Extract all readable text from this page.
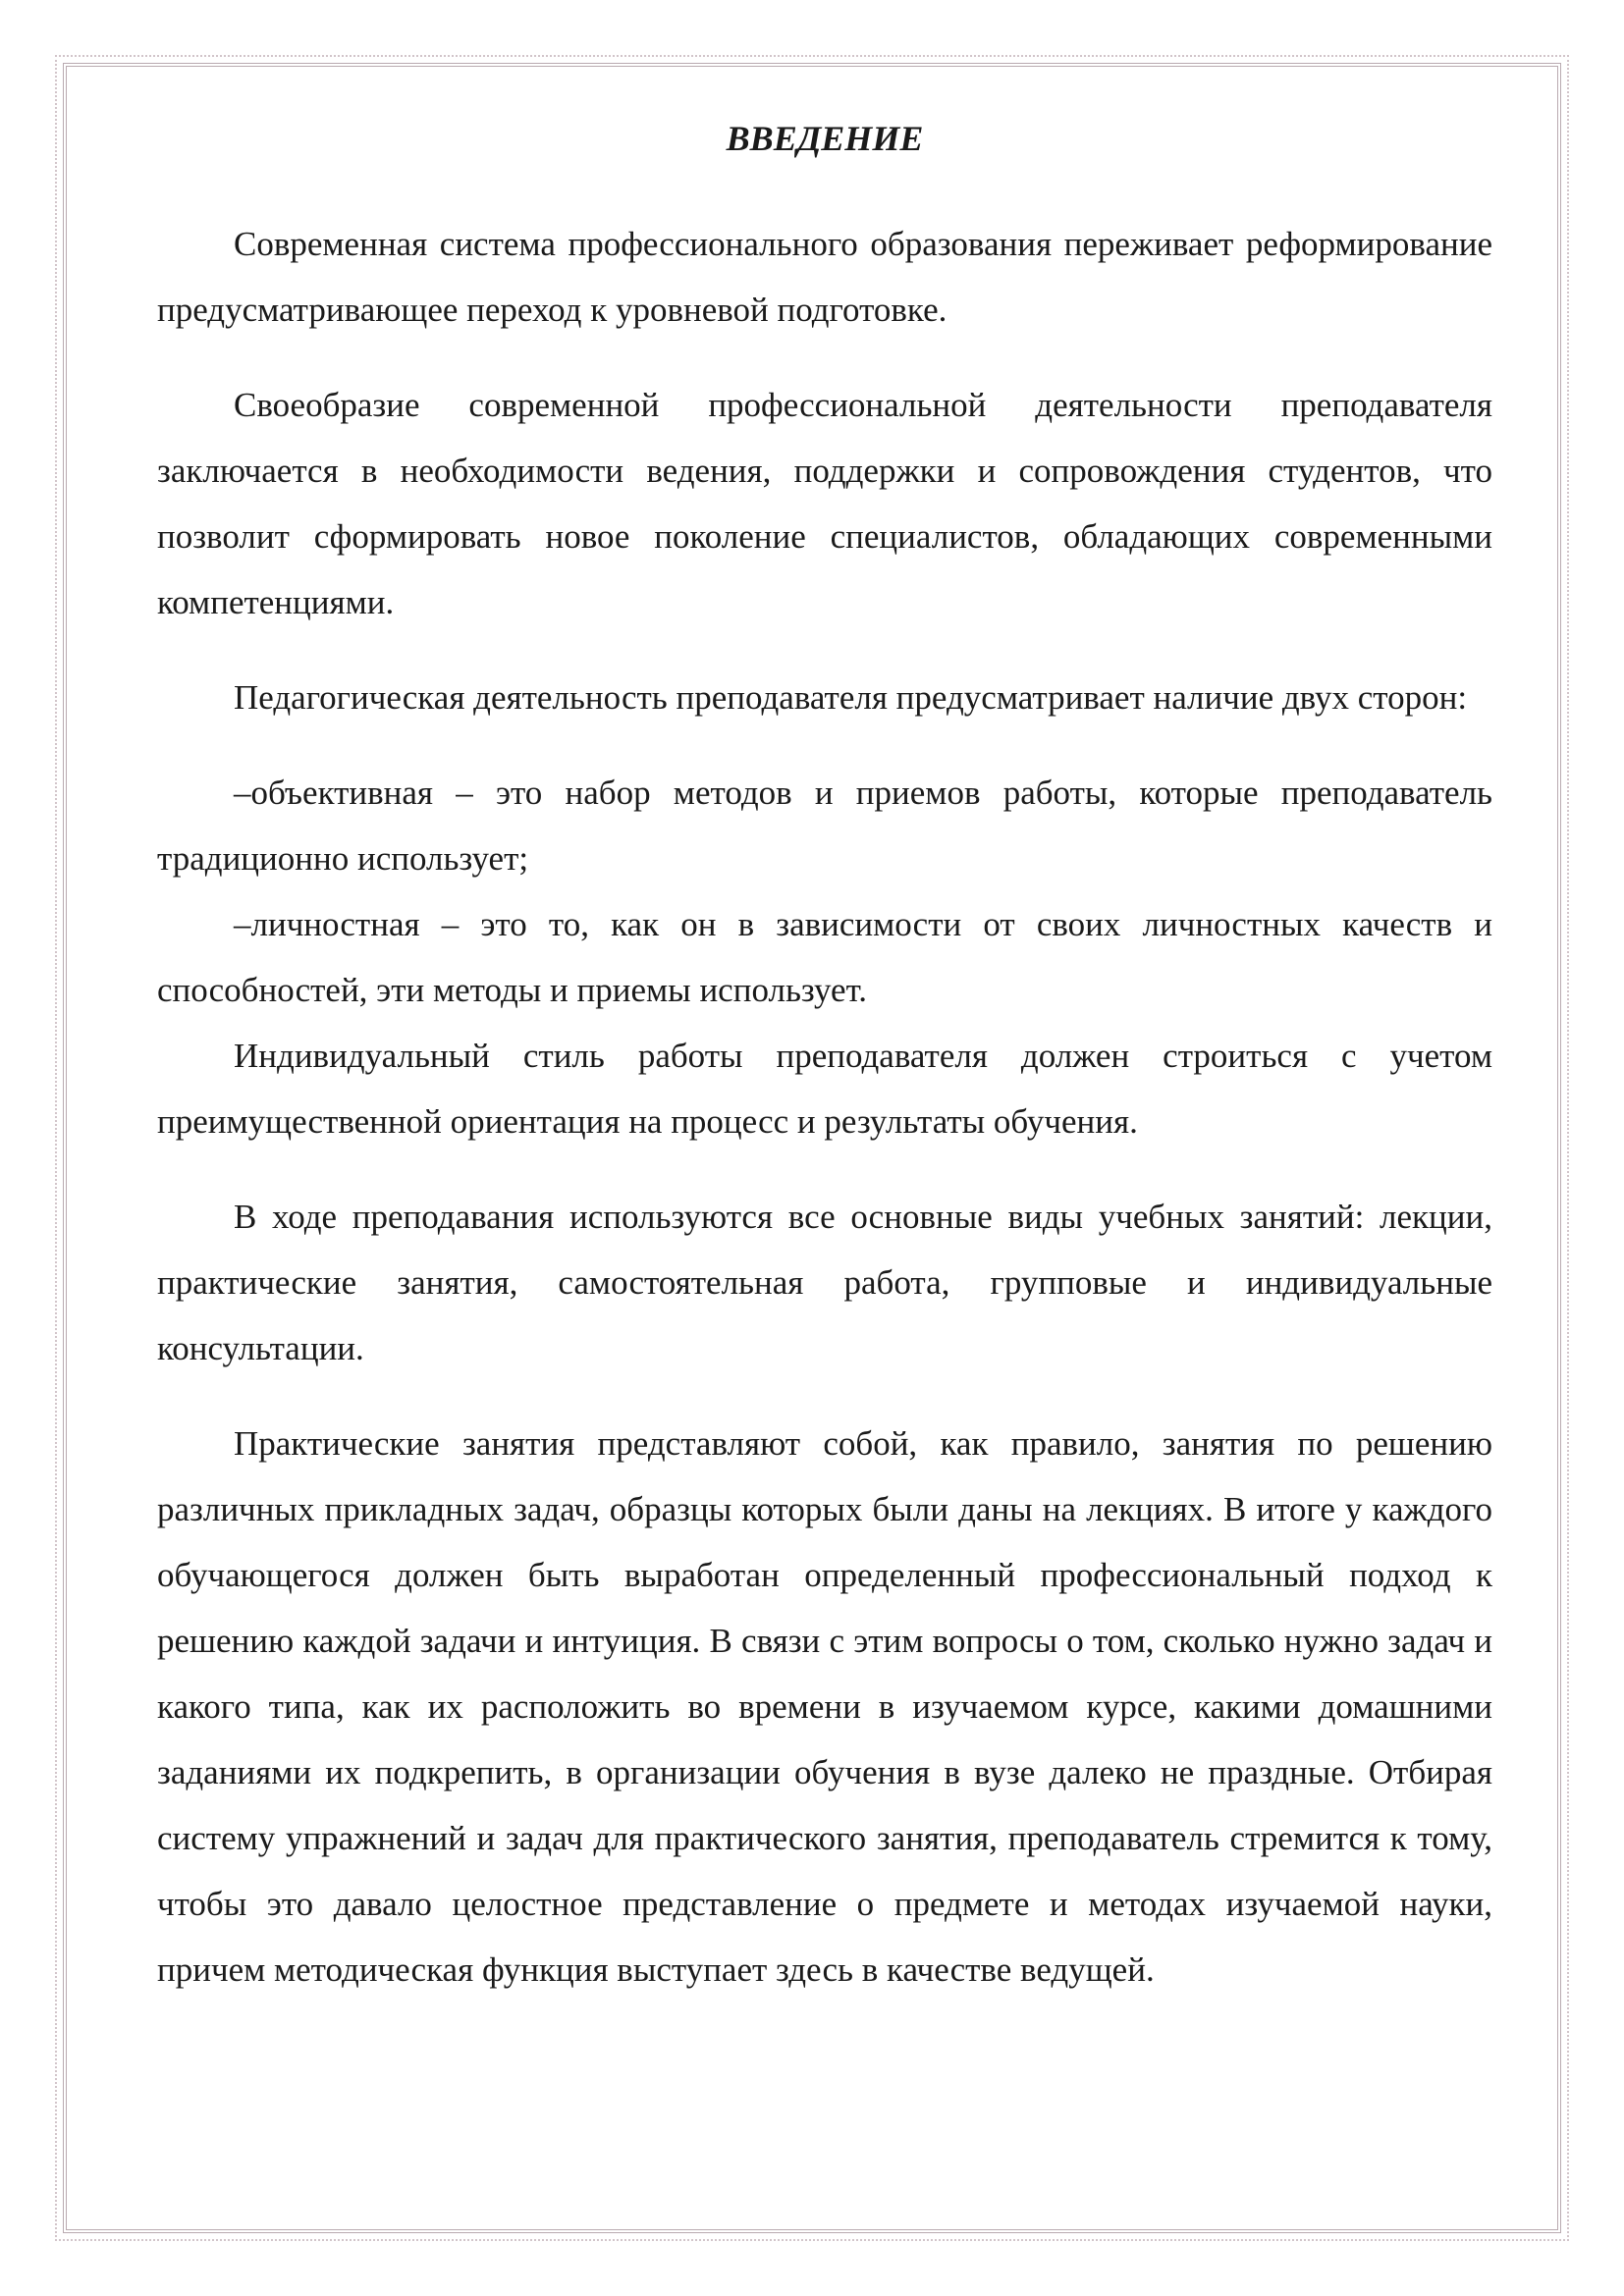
ВВЕДЕНИЕ

Современная система профессионального образования переживает реформирование предусматривающее переход к уровневой подготовке.

Своеобразие современной профессиональной деятельности преподавателя заключается в необходимости ведения, поддержки и сопровождения студентов, что позволит сформировать новое поколение специалистов, обладающих современными компетенциями.

Педагогическая деятельность преподавателя предусматривает наличие двух сторон:

–объективная – это набор методов и приемов работы, которые преподаватель традиционно использует;

–личностная – это то, как он в зависимости от своих личностных качеств и способностей, эти методы и приемы использует.

Индивидуальный стиль работы преподавателя должен строиться с учетом преимущественной ориентация на процесс и результаты обучения.

В ходе преподавания используются все основные виды учебных занятий: лекции, практические занятия, самостоятельная работа, групповые и индивидуальные консультации.

Практические занятия представляют собой, как правило, занятия по решению различных прикладных задач, образцы которых были даны на лекциях. В итоге у каждого обучающегося должен быть выработан определенный профессиональный подход к решению каждой задачи и интуиция. В связи с этим вопросы о том, сколько нужно задач и какого типа, как их расположить во времени в изучаемом курсе, какими домашними заданиями их подкрепить, в организации обучения в вузе далеко не праздные. Отбирая систему упражнений и задач для практического занятия, преподаватель стремится к тому, чтобы это давало целостное представление о предмете и методах изучаемой науки, причем методическая функция выступает здесь в качестве ведущей.
